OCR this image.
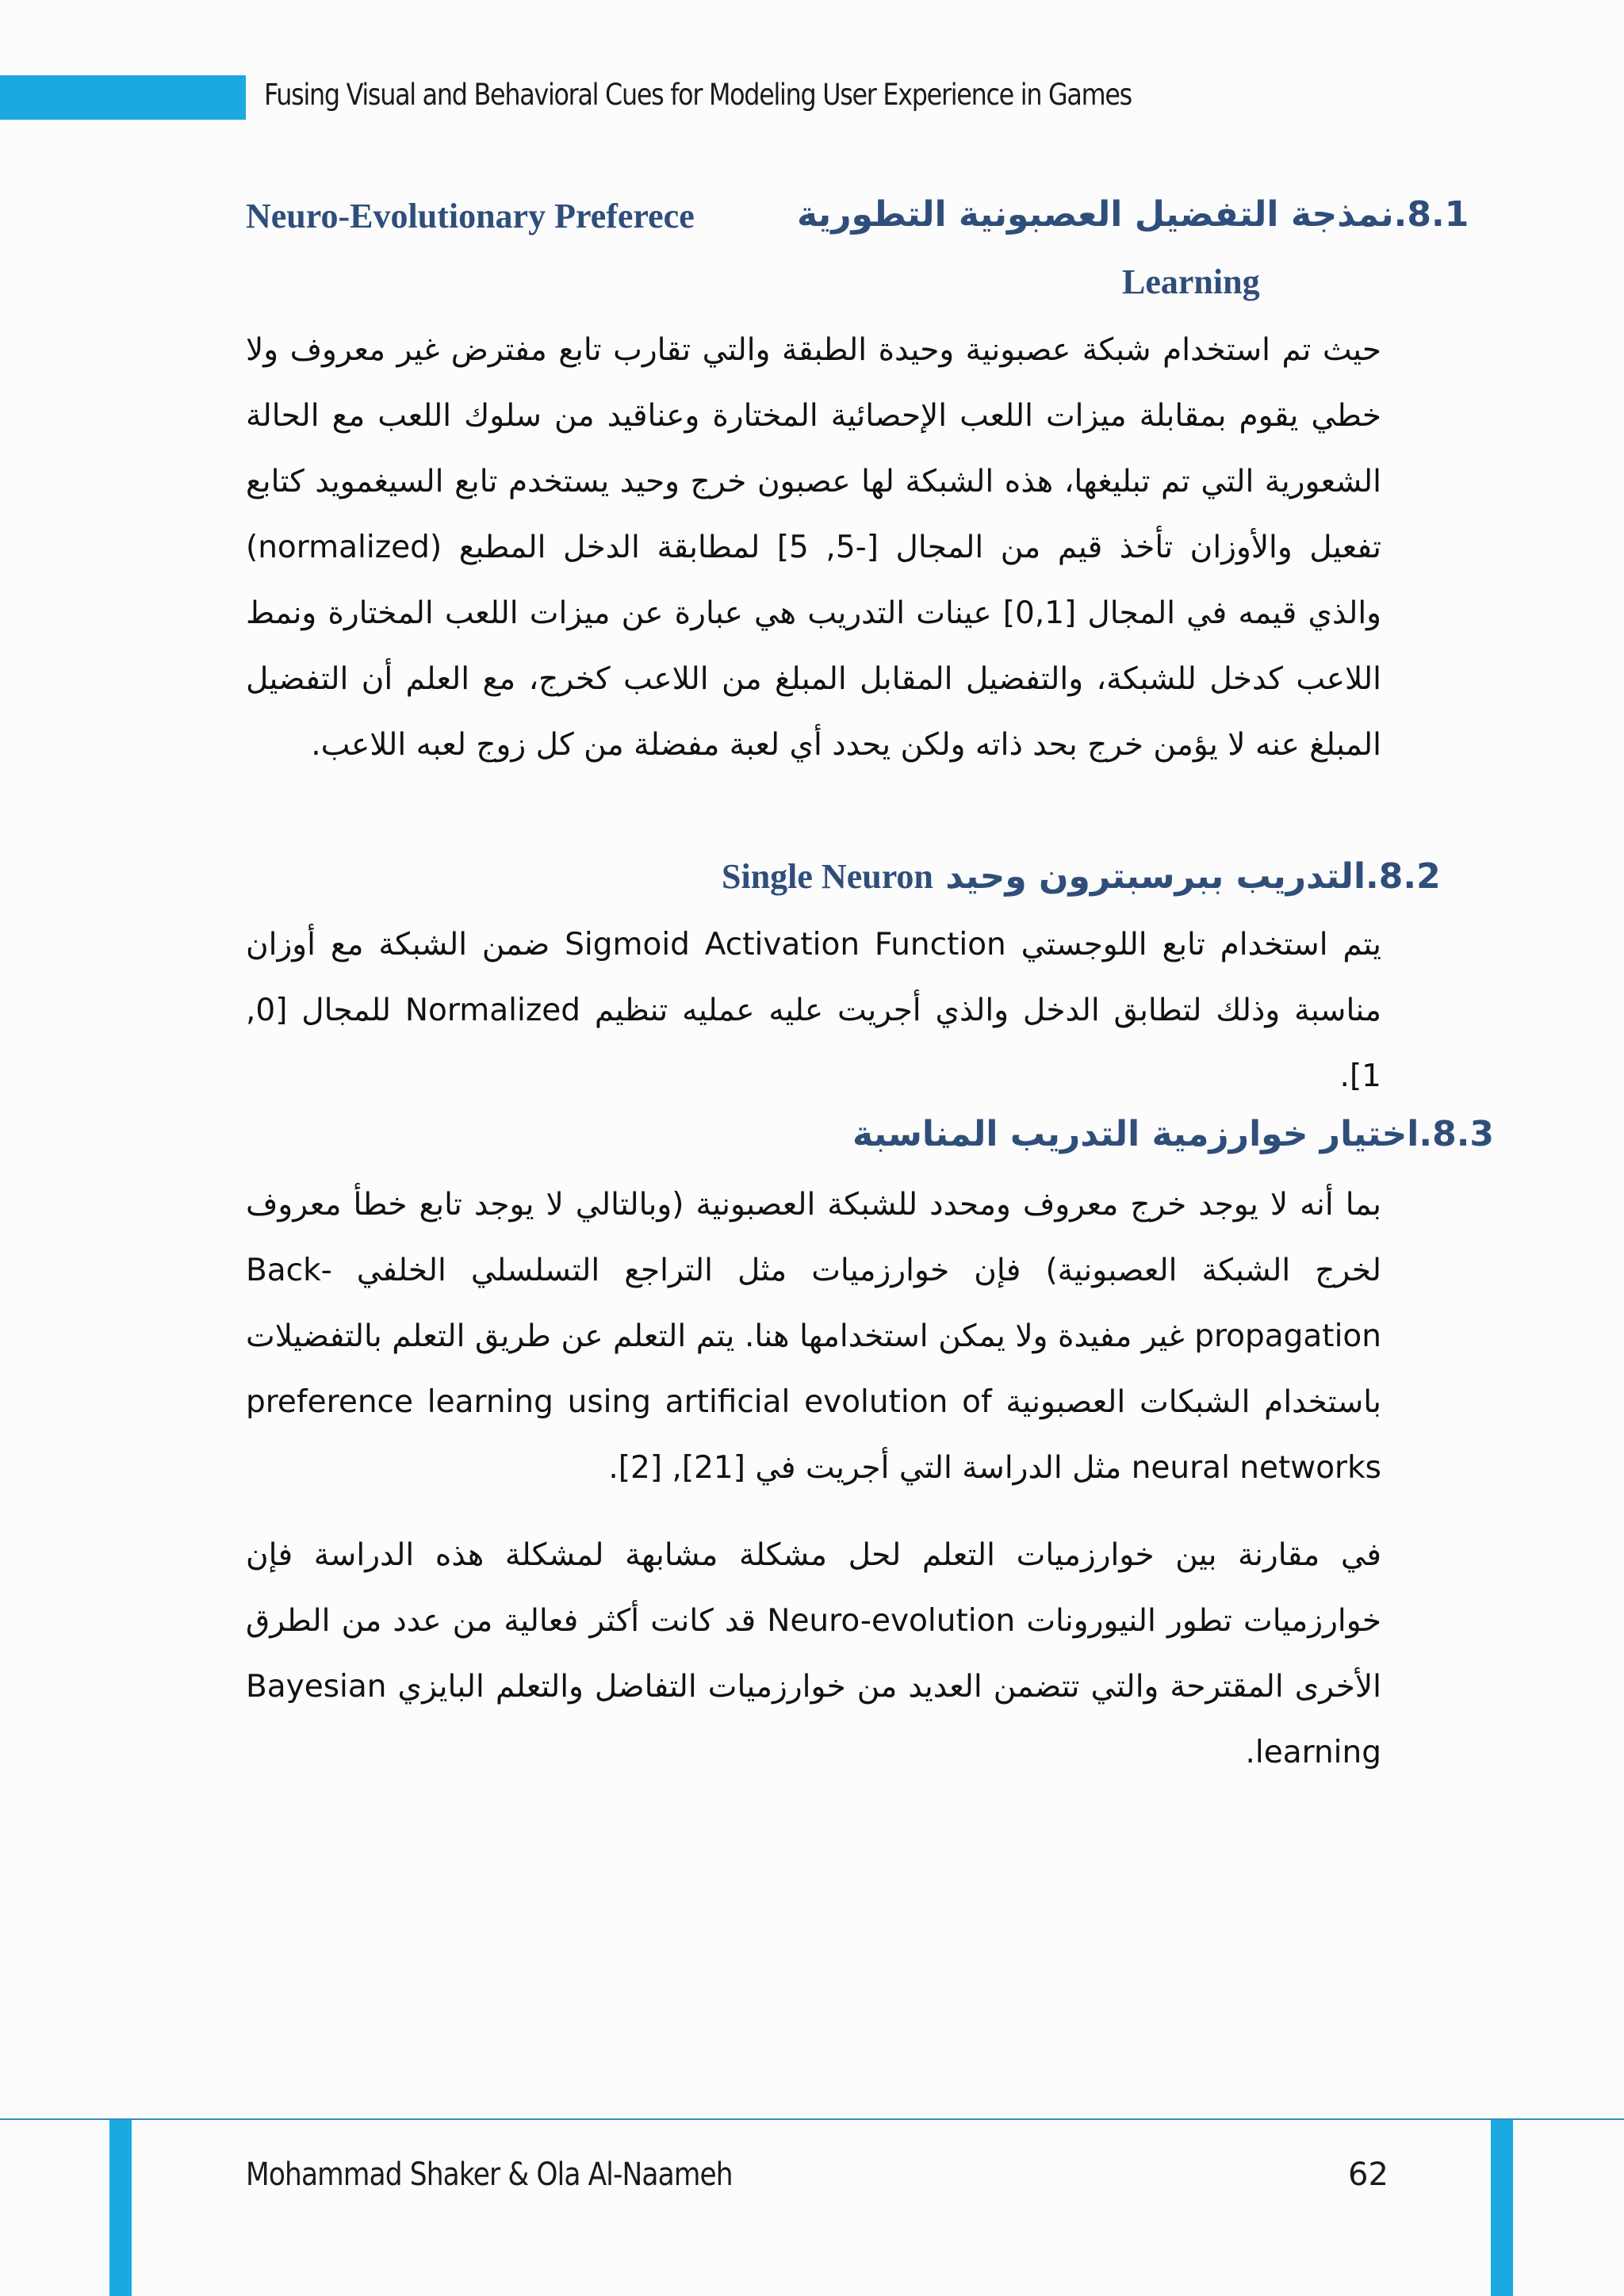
Fusing Visual and Behavioral Cues for Modeling User Experience in Games
8.1.نمذجة التفضيل العصبونية التطورية
Neuro-Evolutionary Preferece
Learning
حيث تم استخدام شبكة عصبونية وحيدة الطبقة والتي تقارب تابع مفترض غير معروف ولا خطي يقوم بمقابلة ميزات اللعب الإحصائية المختارة وعناقيد من سلوك اللعب مع الحالة الشعورية التي تم تبليغها، هذه الشبكة لها عصبون خرج وحيد يستخدم تابع السيغمويد كتابع تفعيل والأوزان تأخذ قيم من المجال [-5, 5] لمطابقة الدخل المطبع (normalized) والذي قيمه في المجال [0,1] عينات التدريب هي عبارة عن ميزات اللعب المختارة ونمط اللاعب كدخل للشبكة، والتفضيل المقابل المبلغ من اللاعب كخرج، مع العلم أن التفضيل المبلغ عنه لا يؤمن خرج بحد ذاته ولكن يحدد أي لعبة مفضلة من كل زوج لعبه اللاعب.
8.2.التدريب ببرسبترون وحيد Single Neuron
يتم استخدام تابع اللوجستي Sigmoid Activation Function ضمن الشبكة مع أوزان مناسبة وذلك لتطابق الدخل والذي أجريت عليه عمليه تنظيم Normalized للمجال [0, 1].
8.3.اختيار خوارزمية التدريب المناسبة
بما أنه لا يوجد خرج معروف ومحدد للشبكة العصبونية (وبالتالي لا يوجد تابع خطأ معروف لخرج الشبكة العصبونية) فإن خوارزميات مثل التراجع التسلسلي الخلفي Back-propagation غير مفيدة ولا يمكن استخدامها هنا. يتم التعلم عن طريق التعلم بالتفضيلات باستخدام الشبكات العصبونية preference learning using artificial evolution of neural networks مثل الدراسة التي أجريت في [21], [2].
في مقارنة بين خوارزميات التعلم لحل مشكلة مشابهة لمشكلة هذه الدراسة فإن خوارزميات تطور النيورونات Neuro-evolution قد كانت أكثر فعالية من عدد من الطرق الأخرى المقترحة والتي تتضمن العديد من خوارزميات التفاضل والتعلم البايزي Bayesian learning.
Mohammad Shaker & Ola Al-Naameh	62
